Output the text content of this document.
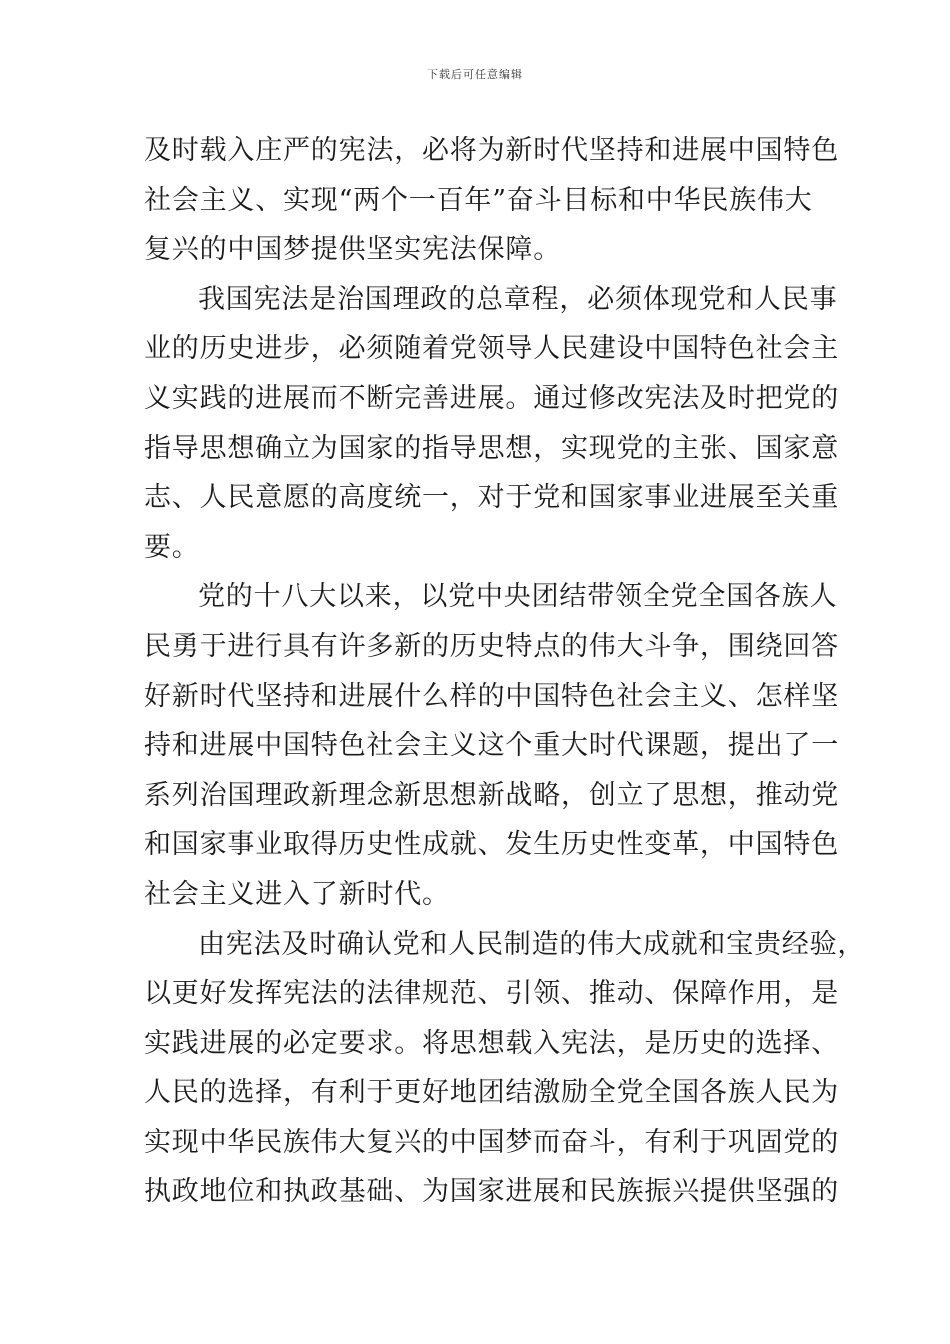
下载后可任意编辑
及时载入庄严的宪法，必将为新时代坚持和进展中国特色
社会主义、实现“两个一百年”奋斗目标和中华民族伟大
复兴的中国梦提供坚实宪法保障。
我国宪法是治国理政的总章程，必须体现党和人民事
业的历史进步，必须随着党领导人民建设中国特色社会主
义实践的进展而不断完善进展。通过修改宪法及时把党的
指导思想确立为国家的指导思想，实现党的主张、国家意
志、人民意愿的高度统一，对于党和国家事业进展至关重
要。
党的十八大以来，以党中央团结带领全党全国各族人
民勇于进行具有许多新的历史特点的伟大斗争，围绕回答
好新时代坚持和进展什么样的中国特色社会主义、怎样坚
持和进展中国特色社会主义这个重大时代课题，提出了一
系列治国理政新理念新思想新战略，创立了思想，推动党
和国家事业取得历史性成就、发生历史性变革，中国特色
社会主义进入了新时代。
由宪法及时确认党和人民制造的伟大成就和宝贵经验，
以更好发挥宪法的法律规范、引领、推动、保障作用，是
实践进展的必定要求。将思想载入宪法，是历史的选择、
人民的选择，有利于更好地团结激励全党全国各族人民为
实现中华民族伟大复兴的中国梦而奋斗，有利于巩固党的
执政地位和执政基础、为国家进展和民族振兴提供坚强的
